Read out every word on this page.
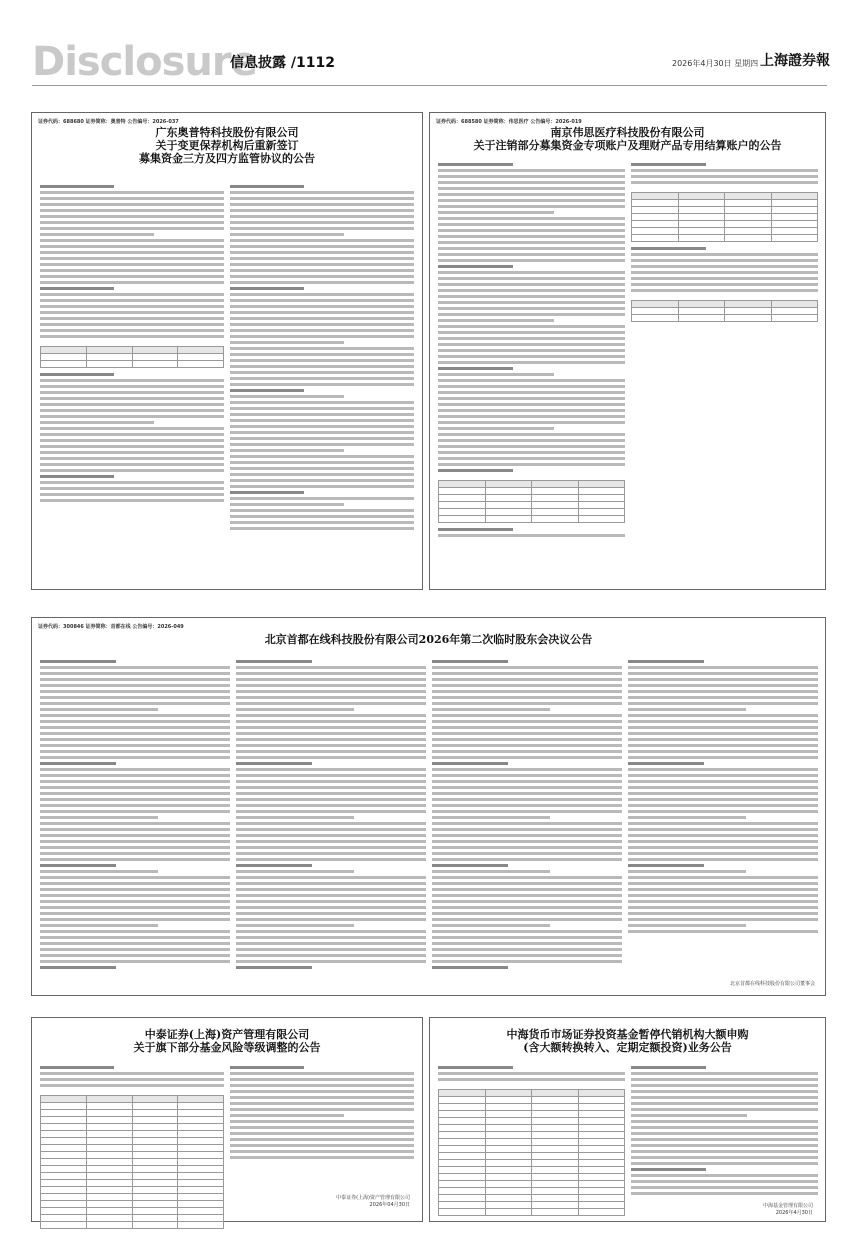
Disclosure
信息披露 /1112	2026年4月30日 星期四 上海證券報
证券代码：688680 证券简称：奥普特 公告编号：2026-037
广东奥普特科技股份有限公司
关于变更保荐机构后重新签订
募集资金三方及四方监管协议的公告

证券代码：688580 证券简称：伟思医疗 公告编号：2026-019
南京伟思医疗科技股份有限公司
关于注销部分募集资金专项账户及理财产品专用结算账户的公告

证券代码：300846 证券简称：首都在线 公告编号：2026-049
北京首都在线科技股份有限公司2026年第二次临时股东会决议公告
北京首都在线科技股份有限公司董事会
中泰证券(上海)资产管理有限公司
关于旗下部分基金风险等级调整的公告

中泰证券(上海)资产管理有限公司
2026年04月30日
中海货币市场证券投资基金暂停代销机构大额申购
(含大额转换转入、定期定额投资)业务公告

中海基金管理有限公司
2026年4月30日
